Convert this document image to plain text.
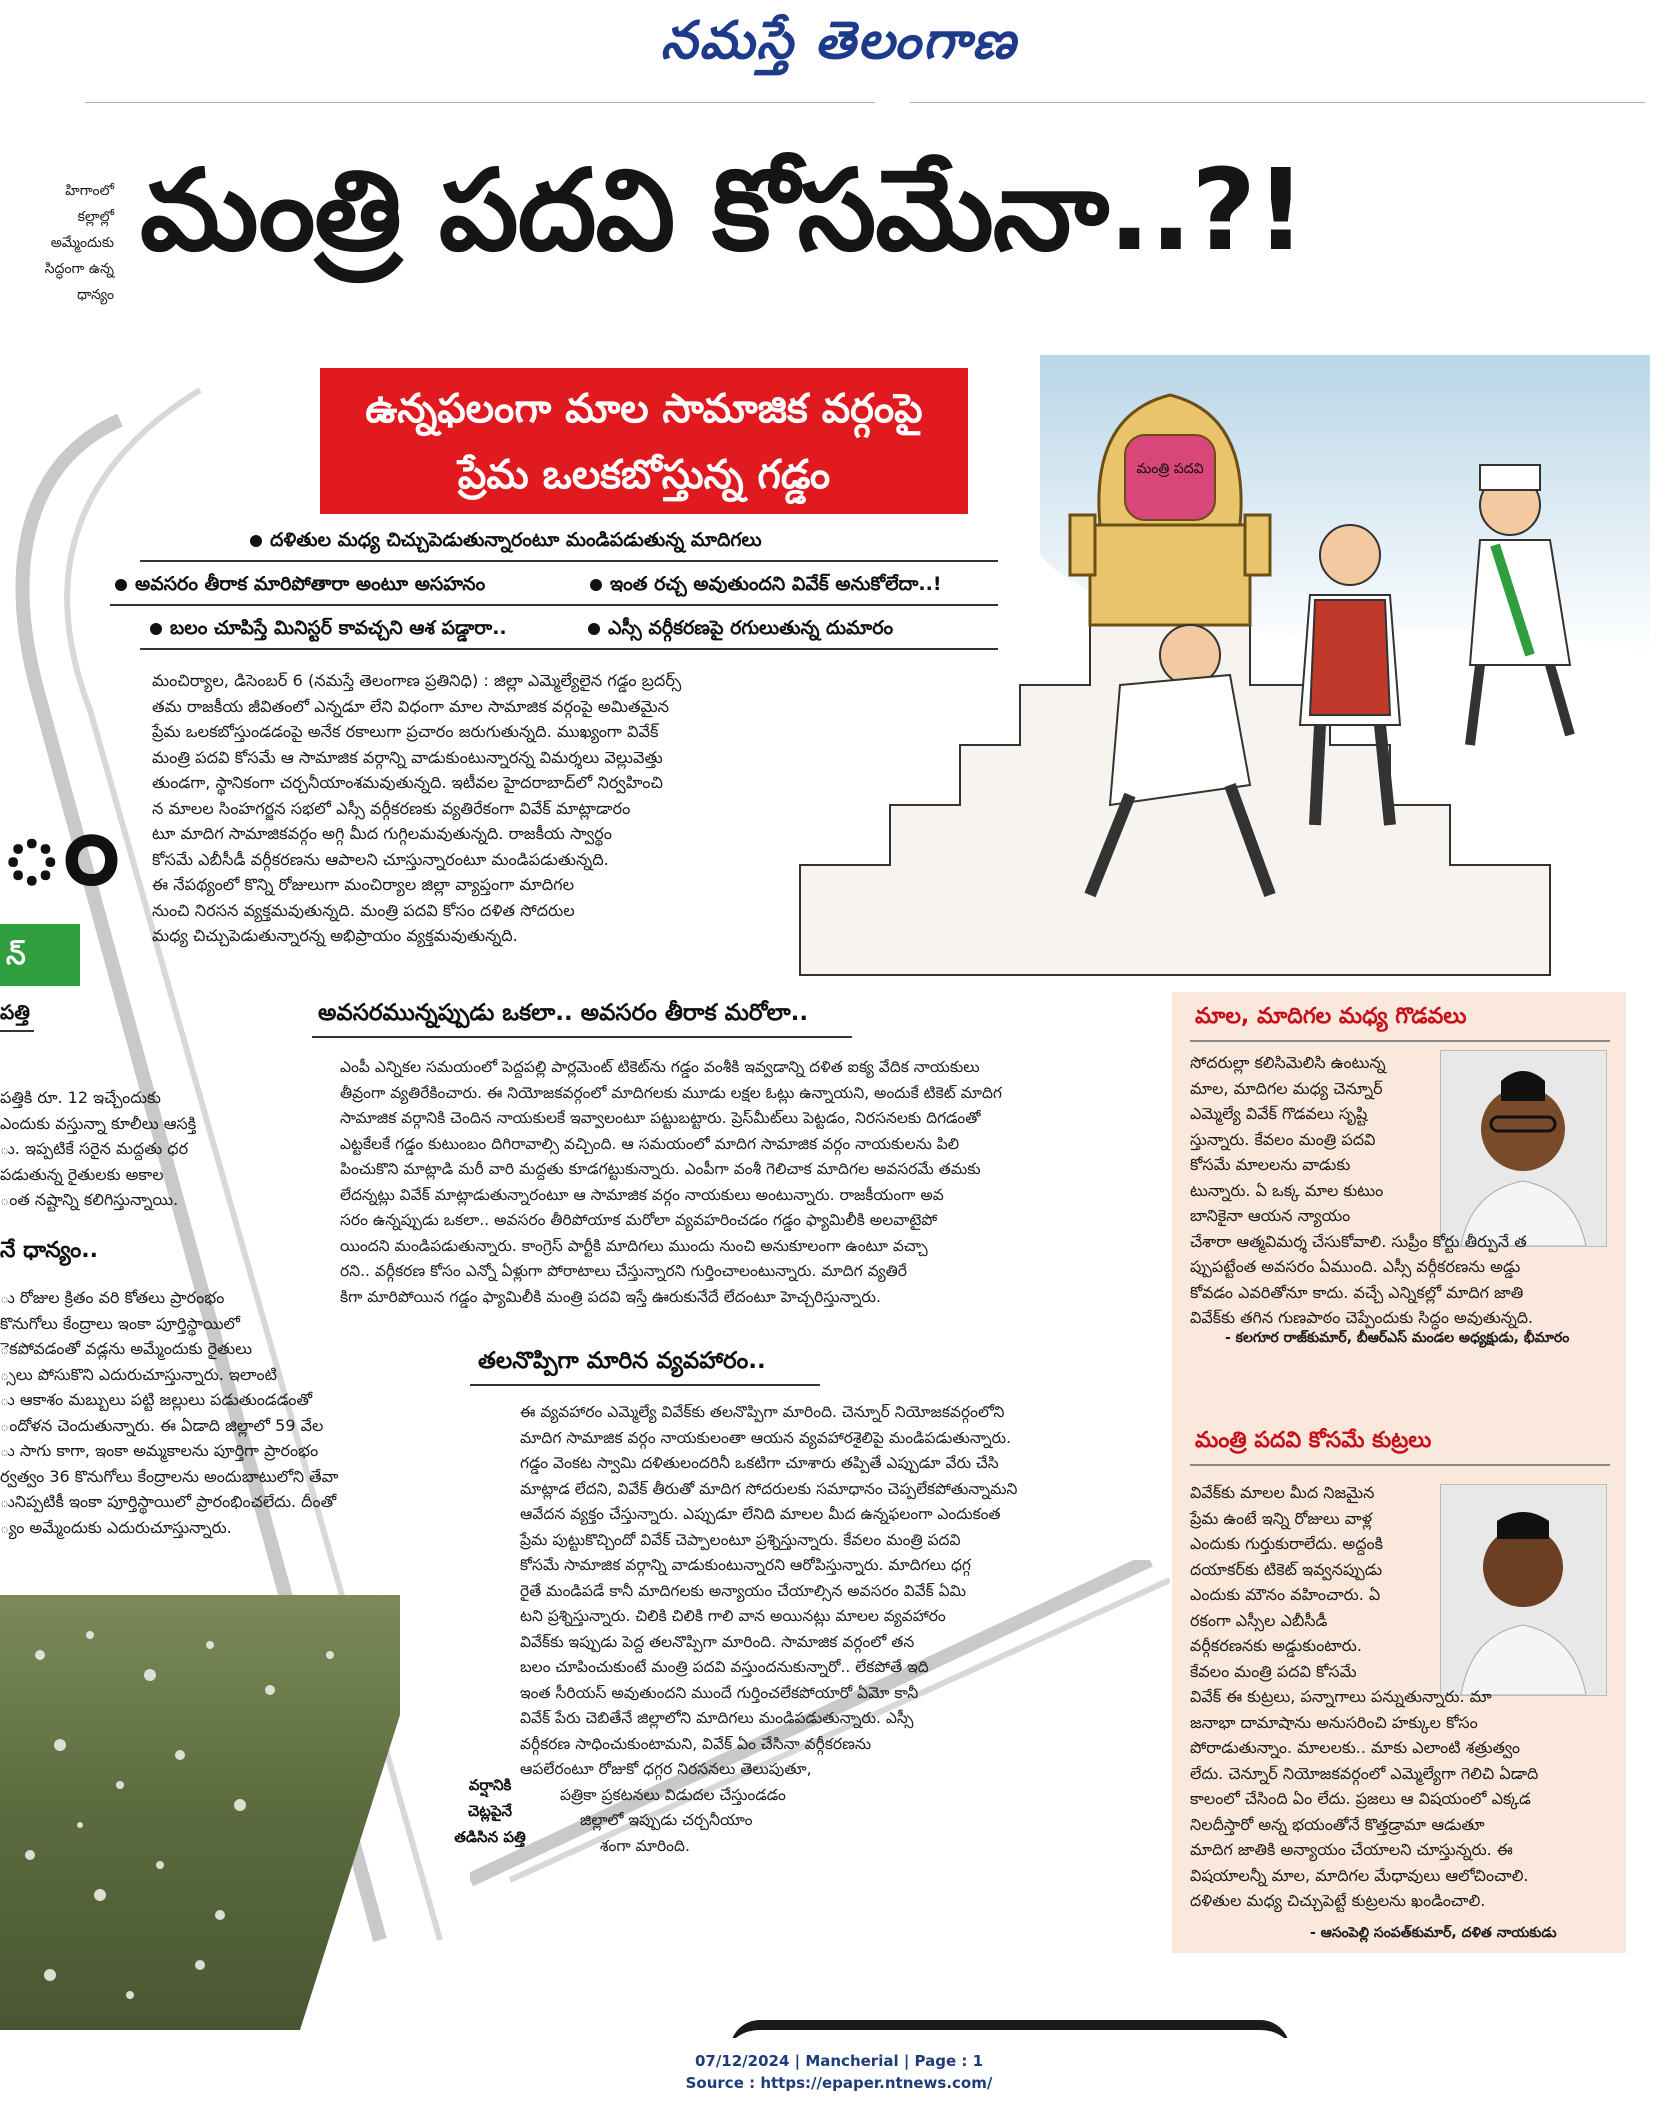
నమస్తే తెలంగాణ
హిగాంలో
కల్లాల్లో
అమ్మేందుకు
సిద్ధంగా ఉన్న
ధాన్యం
ం
న్
పత్తి
పత్తికి రూ. 12 ఇచ్చేందుకు
ఎందుకు వస్తున్నా కూలీలు ఆసక్తి
ు. ఇప్పటికే సరైన మద్దతు ధర
పడుతున్న రైతులకు అకాల
ంత నష్టాన్ని కలిగిస్తున్నాయి.
నే ధాన్యం..
ు రోజుల క్రితం వరి కోతలు ప్రారంభం
కొనుగోలు కేంద్రాలు ఇంకా పూర్తిస్థాయిలో
ెకపోవడంతో వడ్లను అమ్మేందుకు రైతులు
్సలు పోసుకొని ఎదురుచూస్తున్నారు. ఇలాంటి
ు ఆకాశం మబ్బులు పట్టి జల్లులు పడుతుండడంతో
ందోళన చెందుతున్నారు. ఈ ఏడాది జిల్లాలో 59 వేల
ు సాగు కాగా, ఇంకా అమ్మకాలను పూర్తిగా ప్రారంభం
ర్వత్వం 36 కొనుగోలు కేంద్రాలను అందుబాటులోని తేవా
ునిప్పటికీ ఇంకా పూర్తిస్థాయిలో ప్రారంభించలేదు. దీంతో
్యం అమ్మేందుకు ఎదురుచూస్తున్నారు.
వర్షానికి
చెట్లపైనే
తడిసిన పత్తి
మంత్రి పదవి కోసమేనా..?!
ఉన్నఫలంగా మాల సామాజిక వర్గంపై
ప్రేమ ఒలకబోస్తున్న గడ్డం
దళితుల మధ్య చిచ్చుపెడుతున్నారంటూ మండిపడుతున్న మాదిగలు
అవసరం తీరాక మారిపోతారా అంటూ అసహనం	ఇంత రచ్చ అవుతుందని వివేక్ అనుకోలేదా..!
బలం చూపిస్తే మినిస్టర్ కావచ్చని ఆశ పడ్డారా..	ఎస్సీ వర్గీకరణపై రగులుతున్న దుమారం
మంచిర్యాల, డిసెంబర్ 6 (నమస్తే తెలంగాణ ప్రతినిధి) : జిల్లా ఎమ్మెల్యేలైన గడ్డం బ్రదర్స్
తమ రాజకీయ జీవితంలో ఎన్నడూ లేని విధంగా మాల సామాజిక వర్గంపై అమితమైన
ప్రేమ ఒలకబోస్తుండడంపై అనేక రకాలుగా ప్రచారం జరుగుతున్నది. ముఖ్యంగా వివేక్
మంత్రి పదవి కోసమే ఆ సామాజిక వర్గాన్ని వాడుకుంటున్నారన్న విమర్శలు వెల్లువెత్తు
తుండగా, స్థానికంగా చర్చనీయాంశమవుతున్నది. ఇటీవల హైదరాబాద్‌లో నిర్వహించి
న మాలల సింహగర్జన సభలో ఎస్సీ వర్గీకరణకు వ్యతిరేకంగా వివేక్ మాట్లాడారం
టూ మాదిగ సామాజికవర్గం అగ్గి మీద గుగ్గిలమవుతున్నది. రాజకీయ స్వార్థం
కోసమే ఎబీసీడీ వర్గీకరణను ఆపాలని చూస్తున్నారంటూ మండిపడుతున్నది.
ఈ నేపథ్యంలో కొన్ని రోజులుగా మంచిర్యాల జిల్లా వ్యాప్తంగా మాదిగల
నుంచి నిరసన వ్యక్తమవుతున్నది. మంత్రి పదవి కోసం దళిత సోదరుల
మధ్య చిచ్చుపెడుతున్నారన్న అభిప్రాయం వ్యక్తమవుతున్నది.
మంత్రి పదవి
అవసరమున్నప్పుడు ఒకలా.. అవసరం తీరాక మరోలా..
ఎంపీ ఎన్నికల సమయంలో పెద్దపల్లి పార్లమెంట్ టికెట్‌ను గడ్డం వంశీకి ఇవ్వడాన్ని దళిత ఐక్య వేదిక నాయకులు
తీవ్రంగా వ్యతిరేకించారు. ఈ నియోజకవర్గంలో మాదిగలకు మూడు లక్షల ఓట్లు ఉన్నాయని, అందుకే టికెట్ మాదిగ
సామాజిక వర్గానికి చెందిన నాయకులకే ఇవ్వాలంటూ పట్టుబట్టారు. ప్రెస్‌మీట్‌లు పెట్టడం, నిరసనలకు దిగడంతో
ఎట్టకేలకే గడ్డం కుటుంబం దిగిరావాల్సి వచ్చింది. ఆ సమయంలో మాదిగ సామాజిక వర్గం నాయకులను పిలి
పించుకొని మాట్లాడి మరీ వారి మద్దతు కూడగట్టుకున్నారు. ఎంపీగా వంశీ గెలిచాక మాదిగల అవసరమే తమకు
లేదన్నట్లు వివేక్ మాట్లాడుతున్నారంటూ ఆ సామాజిక వర్గం నాయకులు అంటున్నారు. రాజకీయంగా అవ
సరం ఉన్నప్పుడు ఒకలా.. అవసరం తీరిపోయాక మరోలా వ్యవహరించడం గడ్డం ఫ్యామిలీకి అలవాటైపో
యిందని మండిపడుతున్నారు. కాంగ్రెస్ పార్టీకి మాదిగలు ముందు నుంచి అనుకూలంగా ఉంటూ వచ్చా
రని.. వర్గీకరణ కోసం ఎన్నో ఏళ్లుగా పోరాటాలు చేస్తున్నారని గుర్తించాలంటున్నారు. మాదిగ వ్యతిరే
కిగా మారిపోయిన గడ్డం ఫ్యామిలీకి మంత్రి పదవి ఇస్తే ఊరుకునేదే లేదంటూ హెచ్చరిస్తున్నారు.
తలనొప్పిగా మారిన వ్యవహారం..
ఈ వ్యవహారం ఎమ్మెల్యే వివేక్‌కు తలనొప్పిగా మారింది. చెన్నూర్ నియోజకవర్గంలోని
మాదిగ సామాజిక వర్గం నాయకులంతా ఆయన వ్యవహారశైలిపై మండిపడుతున్నారు.
గడ్డం వెంకట స్వామి దళితులందరినీ ఒకటిగా చూశారు తప్పితే ఎప్పుడూ వేరు చేసి
మాట్లాడ లేదని, వివేక్ తీరుతో మాదిగ సోదరులకు సమాధానం చెప్పలేకపోతున్నామని
ఆవేదన వ్యక్తం చేస్తున్నారు. ఎప్పుడూ లేనిది మాలల మీద ఉన్నఫలంగా ఎందుకంత
ప్రేమ పుట్టుకొచ్చిందో వివేక్ చెప్పాలంటూ ప్రశ్నిస్తున్నారు. కేవలం మంత్రి పదవి
కోసమే సామాజిక వర్గాన్ని వాడుకుంటున్నారని ఆరోపిస్తున్నారు. మాదిగలు ధగ్గ
రైతే మండిపడే కానీ మాదిగలకు అన్యాయం చేయాల్సిన అవసరం వివేక్ ఏమి
టని ప్రశ్నిస్తున్నారు. చిలికి చిలికి గాలి వాన అయినట్లు మాలల వ్యవహారం
వివేక్‌కు ఇప్పుడు పెద్ద తలనొప్పిగా మారింది. సామాజిక వర్గంలో తన
బలం చూపించుకుంటే మంత్రి పదవి వస్తుందనుకున్నారో.. లేకపోతే ఇది
ఇంత సీరియస్ అవుతుందని ముందే గుర్తించలేకపోయారో ఏమో కానీ
వివేక్ పేరు చెబితేనే జిల్లాలోని మాదిగలు మండిపడుతున్నారు. ఎస్సీ
వర్గీకరణ సాధించుకుంటామని, వివేక్ ఏం చేసినా వర్గీకరణను
ఆపలేరంటూ రోజుకో ధగ్గర నిరసనలు తెలుపుతూ,
పత్రికా ప్రకటనలు విడుదల చేస్తుండడం
జిల్లాలో ఇప్పుడు చర్చనీయాం
శంగా మారింది.
మాల, మాదిగల మధ్య గొడవలు
సోదరుల్లా కలిసిమెలిసి ఉంటున్న
మాల, మాదిగల మధ్య చెన్నూర్
ఎమ్మెల్యే వివేక్ గొడవలు సృష్టి
స్తున్నారు. కేవలం మంత్రి పదవి
కోసమే మాలలను వాడుకు
టున్నారు. ఏ ఒక్క మాల కుటుం
బానికైనా ఆయన న్యాయం
చేశారా ఆత్మవిమర్శ చేసుకోవాలి. సుప్రీం కోర్టు తీర్పునే త
ప్పుపట్టేంత అవసరం ఏముంది. ఎస్సీ వర్గీకరణను అడ్డు
కోవడం ఎవరితోనూ కాదు. వచ్చే ఎన్నికల్లో మాదిగ జాతి
వివేక్‌కు తగిన గుణపాఠం చెప్పేందుకు సిద్ధం అవుతున్నది.
- కలగూర రాజ్‌కుమార్, బీఆర్ఎస్ మండల అధ్యక్షుడు, భీమారం
మంత్రి పదవి కోసమే కుట్రలు
వివేక్‌కు మాలల మీద నిజమైన
ప్రేమ ఉంటే ఇన్ని రోజులు వాళ్ల
ఎందుకు గుర్తుకురాలేదు. అద్దంకి
దయాకర్‌కు టికెట్ ఇవ్వనప్పుడు
ఎందుకు మౌనం వహించారు. ఏ
రకంగా ఎస్సీల ఎబీసీడీ
వర్గీకరణనకు అడ్డుకుంటారు.
కేవలం మంత్రి పదవి కోసమే
వివేక్ ఈ కుట్రలు, పన్నాగాలు పన్నుతున్నారు. మా
జనాభా దామాషాను అనుసరించి హక్కుల కోసం
పోరాడుతున్నాం. మాలలకు.. మాకు ఎలాంటి శత్రుత్వం
లేదు. చెన్నూర్ నియోజకవర్గంలో ఎమ్మెల్యేగా గెలిచి ఏడాది
కాలంలో చేసింది ఏం లేదు. ప్రజలు ఆ విషయంలో ఎక్కడ
నిలదీస్తారో అన్న భయంతోనే కొత్తడ్రామా ఆడుతూ
మాదిగ జాతికి అన్యాయం చేయాలని చూస్తున్నరు. ఈ
విషయాలన్నీ మాల, మాదిగల మేధావులు ఆలోచించాలి.
దళితుల మధ్య చిచ్చుపెట్టే కుట్రలను ఖండించాలి.
- ఆసంపెల్లి సంపత్‌కుమార్, దళిత నాయకుడు
07/12/2024 | Mancherial | Page : 1
Source : https://epaper.ntnews.com/
